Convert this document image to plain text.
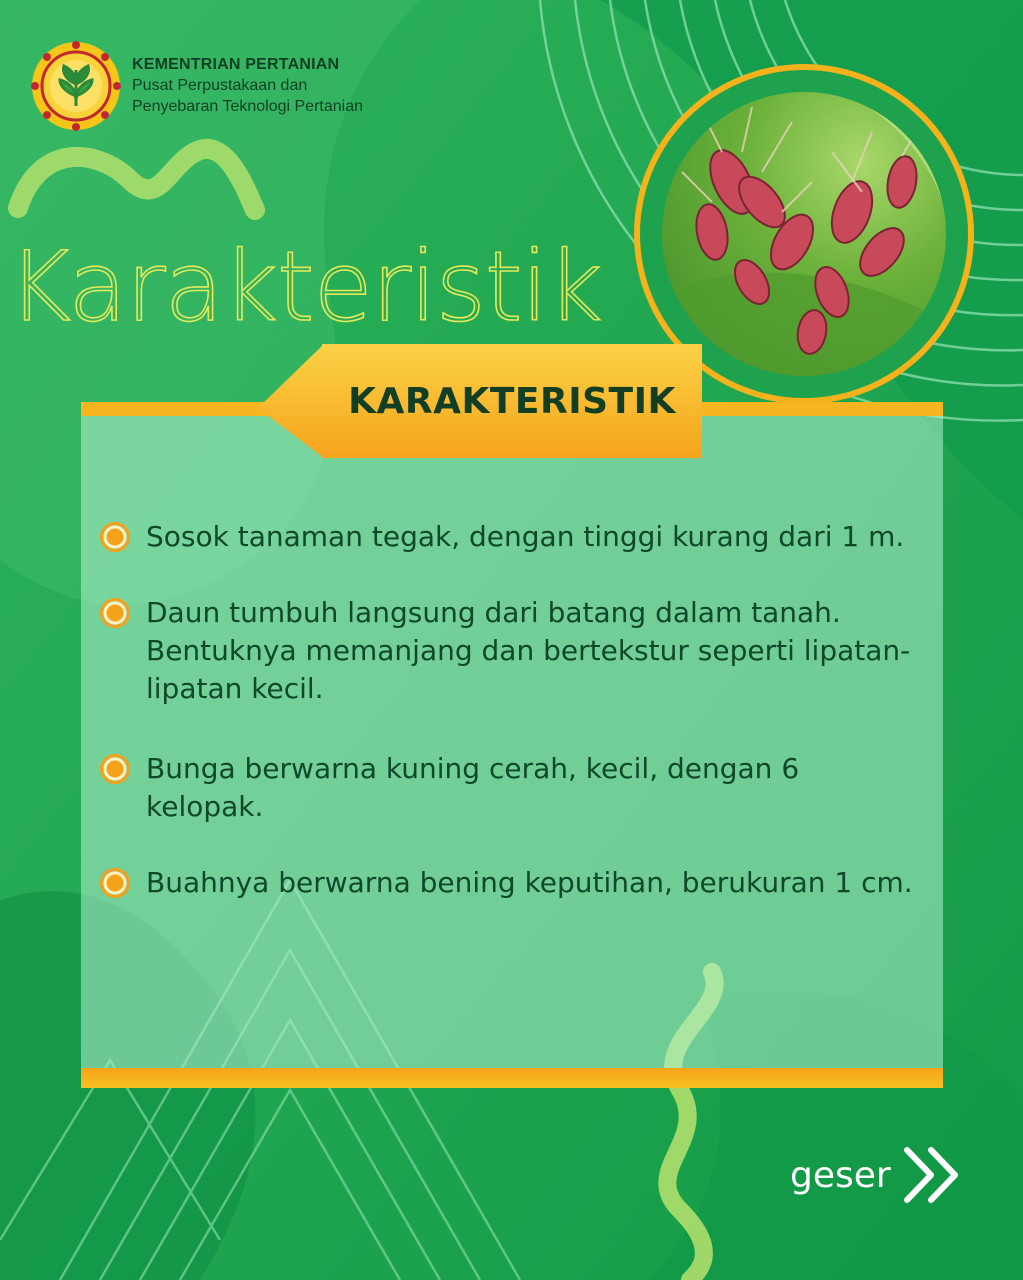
KEMENTRIAN PERTANIAN
Pusat Perpustakaan dan
Penyebaran Teknologi Pertanian
Karakteristik
KARAKTERISTIK
Sosok tanaman tegak, dengan tinggi kurang dari 1 m.
Daun tumbuh langsung dari batang dalam tanah. Bentuknya memanjang dan bertekstur seperti lipatan-lipatan kecil.
Bunga berwarna kuning cerah, kecil, dengan 6 kelopak.
Buahnya berwarna bening keputihan, berukuran 1 cm.
geser
